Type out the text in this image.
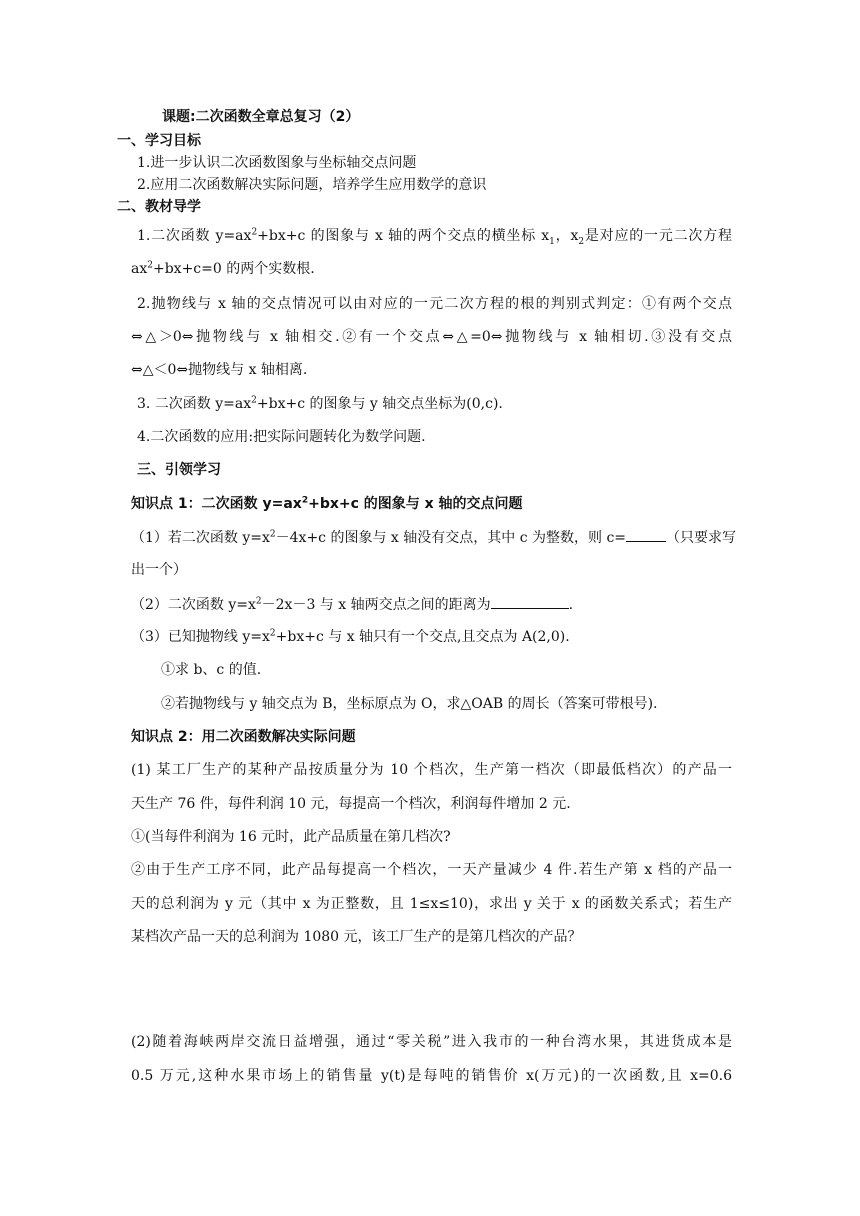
课题:二次函数全章总复习（2）
一、学习目标
1.进一步认识二次函数图象与坐标轴交点问题
2.应用二次函数解决实际问题，培养学生应用数学的意识
二、教材导学
1.二次函数 $y=ax^2+bx+c$ 的图象与 x 轴的两个交点的横坐标 $x_1$，$x_2$是对应的一元二次方程
$ax^2+bx+c=0$ 的两个实数根.
2.抛物线与 x 轴的交点情况可以由对应的一元二次方程的根的判别式判定：①有两个交点
⇔△＞0⇔抛物线与 x 轴相交.②有一个交点⇔△=0⇔抛物线与 x 轴相切.③没有交点
⇔△＜0⇔抛物线与 x 轴相离.
3. 二次函数 $y=ax^2+bx+c$ 的图象与 y 轴交点坐标为(0,c).
4.二次函数的应用:把实际问题转化为数学问题.
三、引领学习
知识点 1：二次函数 $y=ax^2+bx+c$ 的图象与 x 轴的交点问题
（1）若二次函数 $y=x^2-4x+c$ 的图象与 x 轴没有交点，其中 c 为整数，则 c=	（只要求写
出一个）
（2）二次函数 $y=x^2-2x-3$ 与 x 轴两交点之间的距离为	.
（3）已知抛物线 $y=x^2+bx+c$ 与 x 轴只有一个交点,且交点为 A(2,0).
①求 b、c 的值.
②若抛物线与 y 轴交点为 B，坐标原点为 O，求△OAB 的周长（答案可带根号).
知识点 2：用二次函数解决实际问题
(1) 某工厂生产的某种产品按质量分为 10 个档次，生产第一档次（即最低档次）的产品一
天生产 76 件，每件利润 10 元，每提高一个档次，利润每件增加 2 元.
①(当每件利润为 16 元时，此产品质量在第几档次?
②由于生产工序不同，此产品每提高一个档次，一天产量减少 4 件.若生产第 x 档的产品一
天的总利润为 y 元（其中 x 为正整数，且 1≤x≤10)，求出 y 关于 x 的函数关系式；若生产
某档次产品一天的总利润为 1080 元，该工厂生产的是第几档次的产品？
(2)随着海峡两岸交流日益增强，通过“零关税”进入我市的一种台湾水果，其进货成本是
0.5 万元,这种水果市场上的销售量 y(t)是每吨的销售价 x(万元)的一次函数,且 x=0.6
